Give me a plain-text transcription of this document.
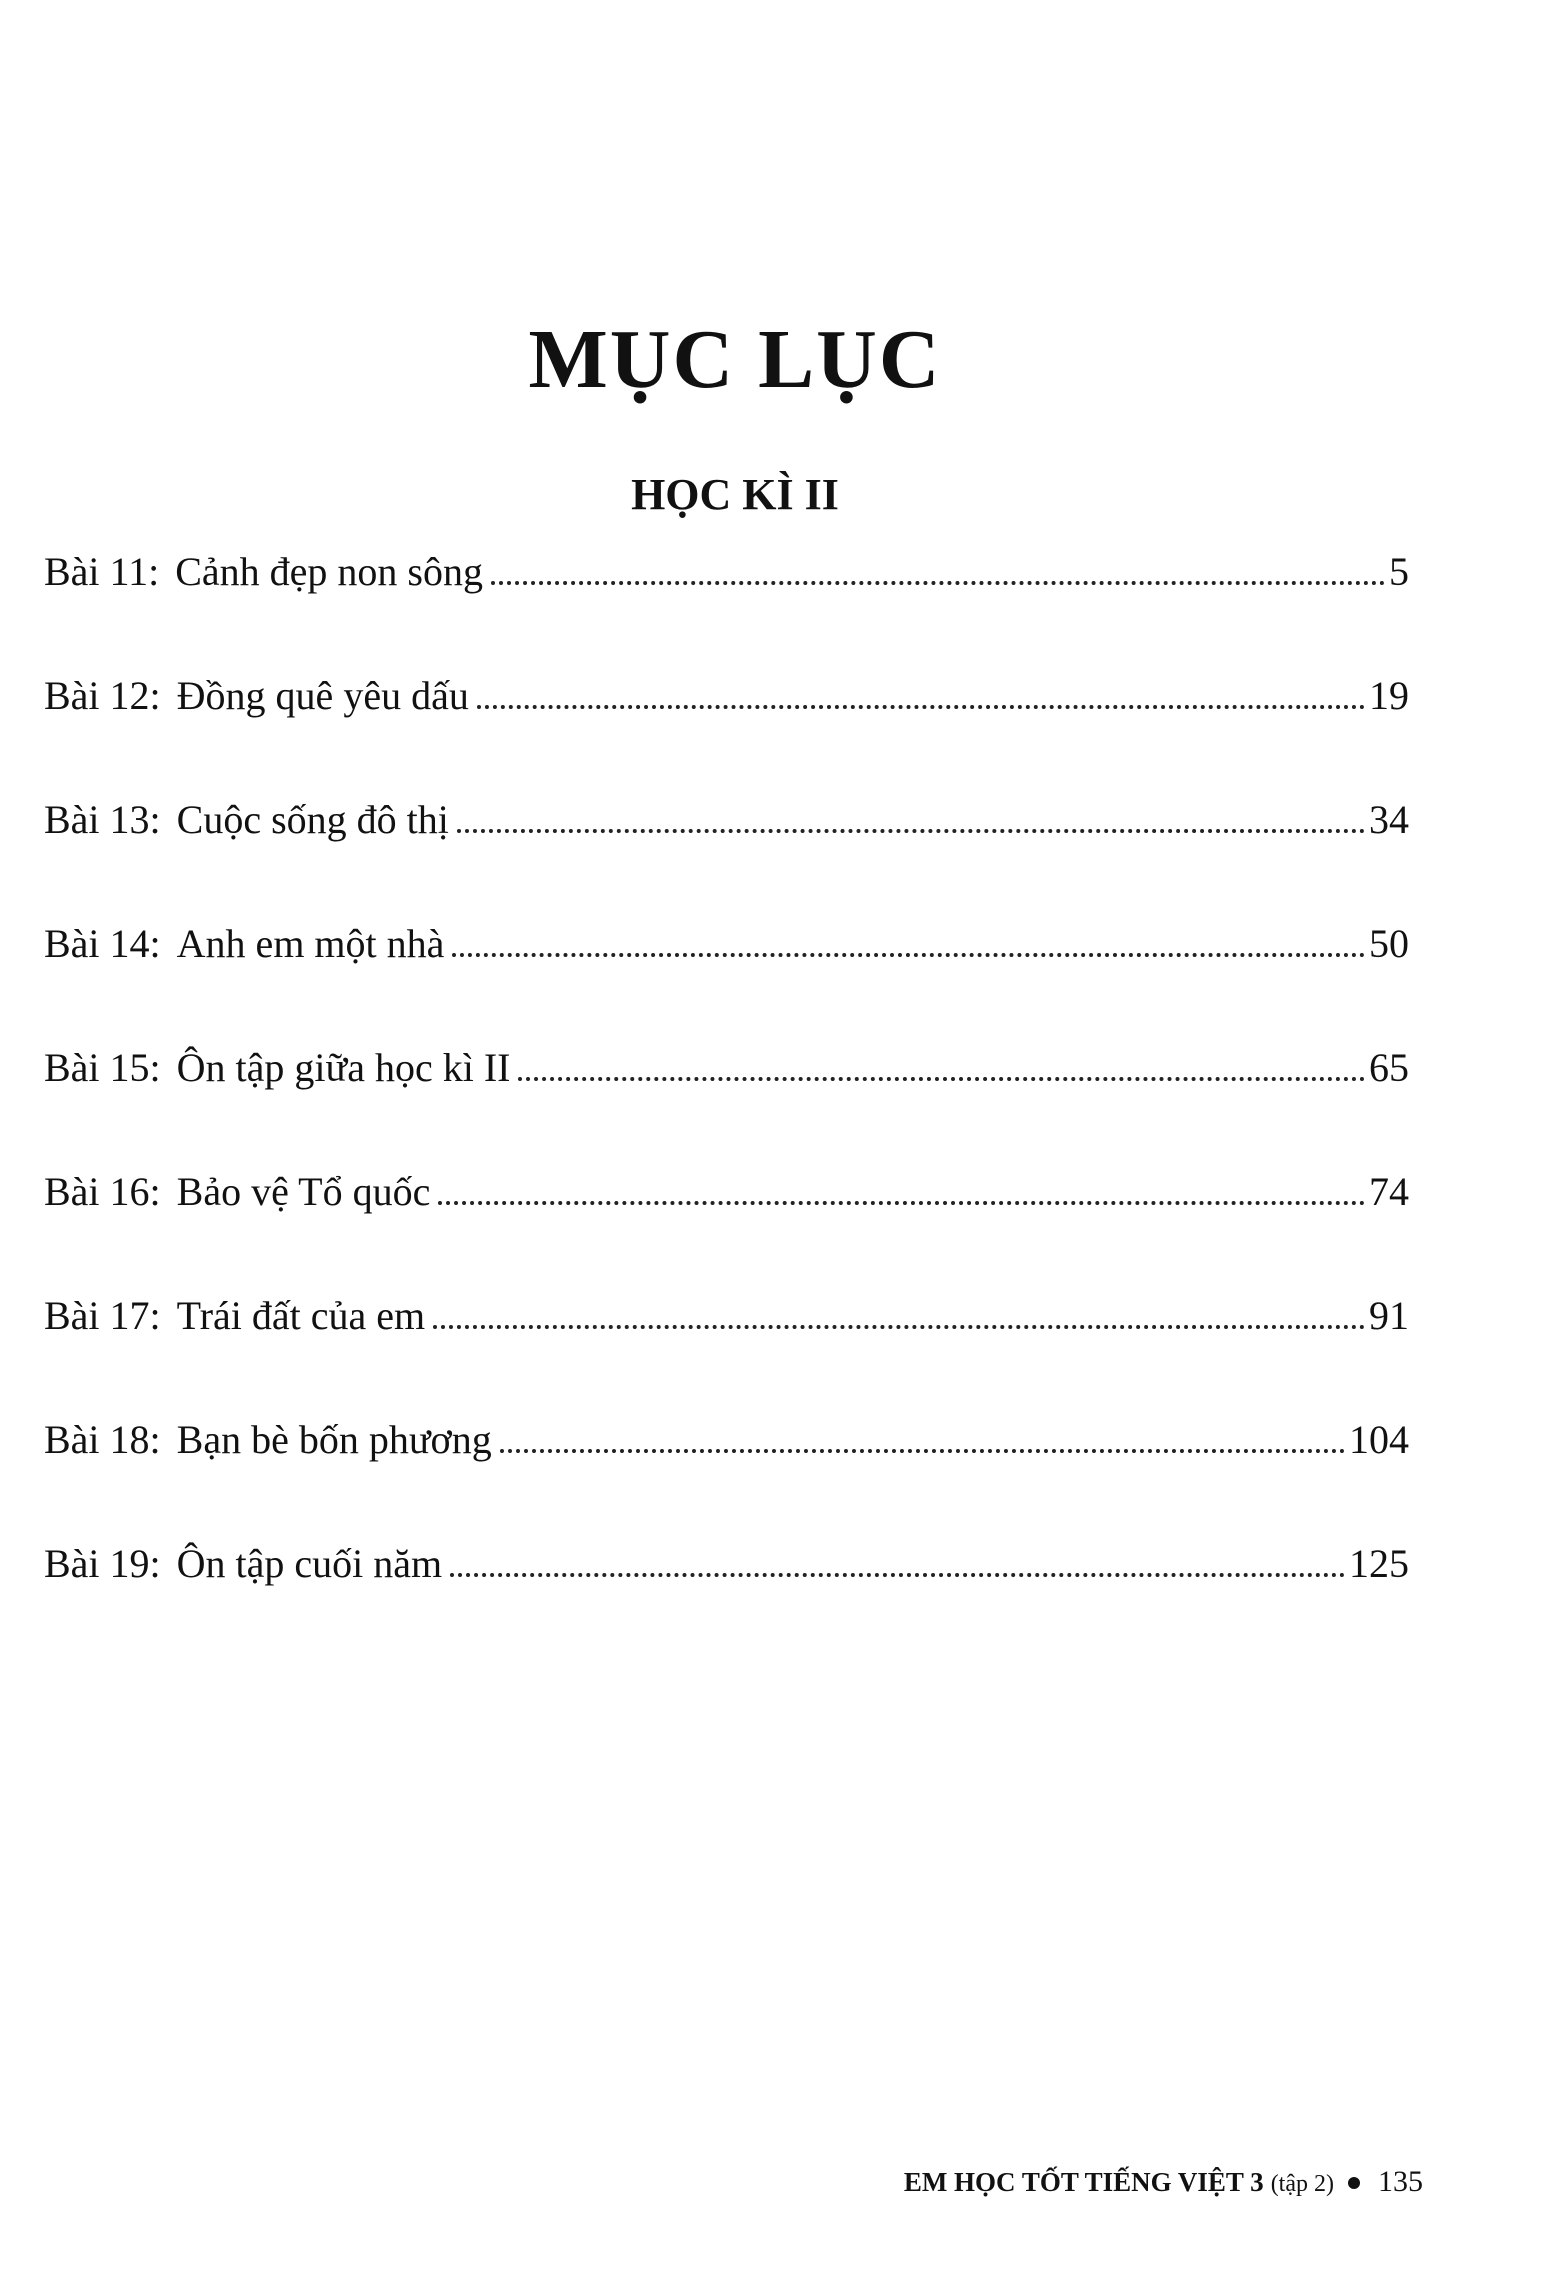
MỤC LỤC
HỌC KÌ II
Bài 11 : Cảnh đẹp non sông	5
Bài 12 : Đồng quê yêu dấu	19
Bài 13 : Cuộc sống đô thị	34
Bài 14 : Anh em một nhà	50
Bài 15 : Ôn tập giữa học kì II	65
Bài 16 : Bảo vệ Tổ quốc	74
Bài 17 : Trái đất của em	91
Bài 18 : Bạn bè bốn phương	104
Bài 19 : Ôn tập cuối năm	125
EM HỌC TỐT TIẾNG VIỆT 3 (tập 2) 135
